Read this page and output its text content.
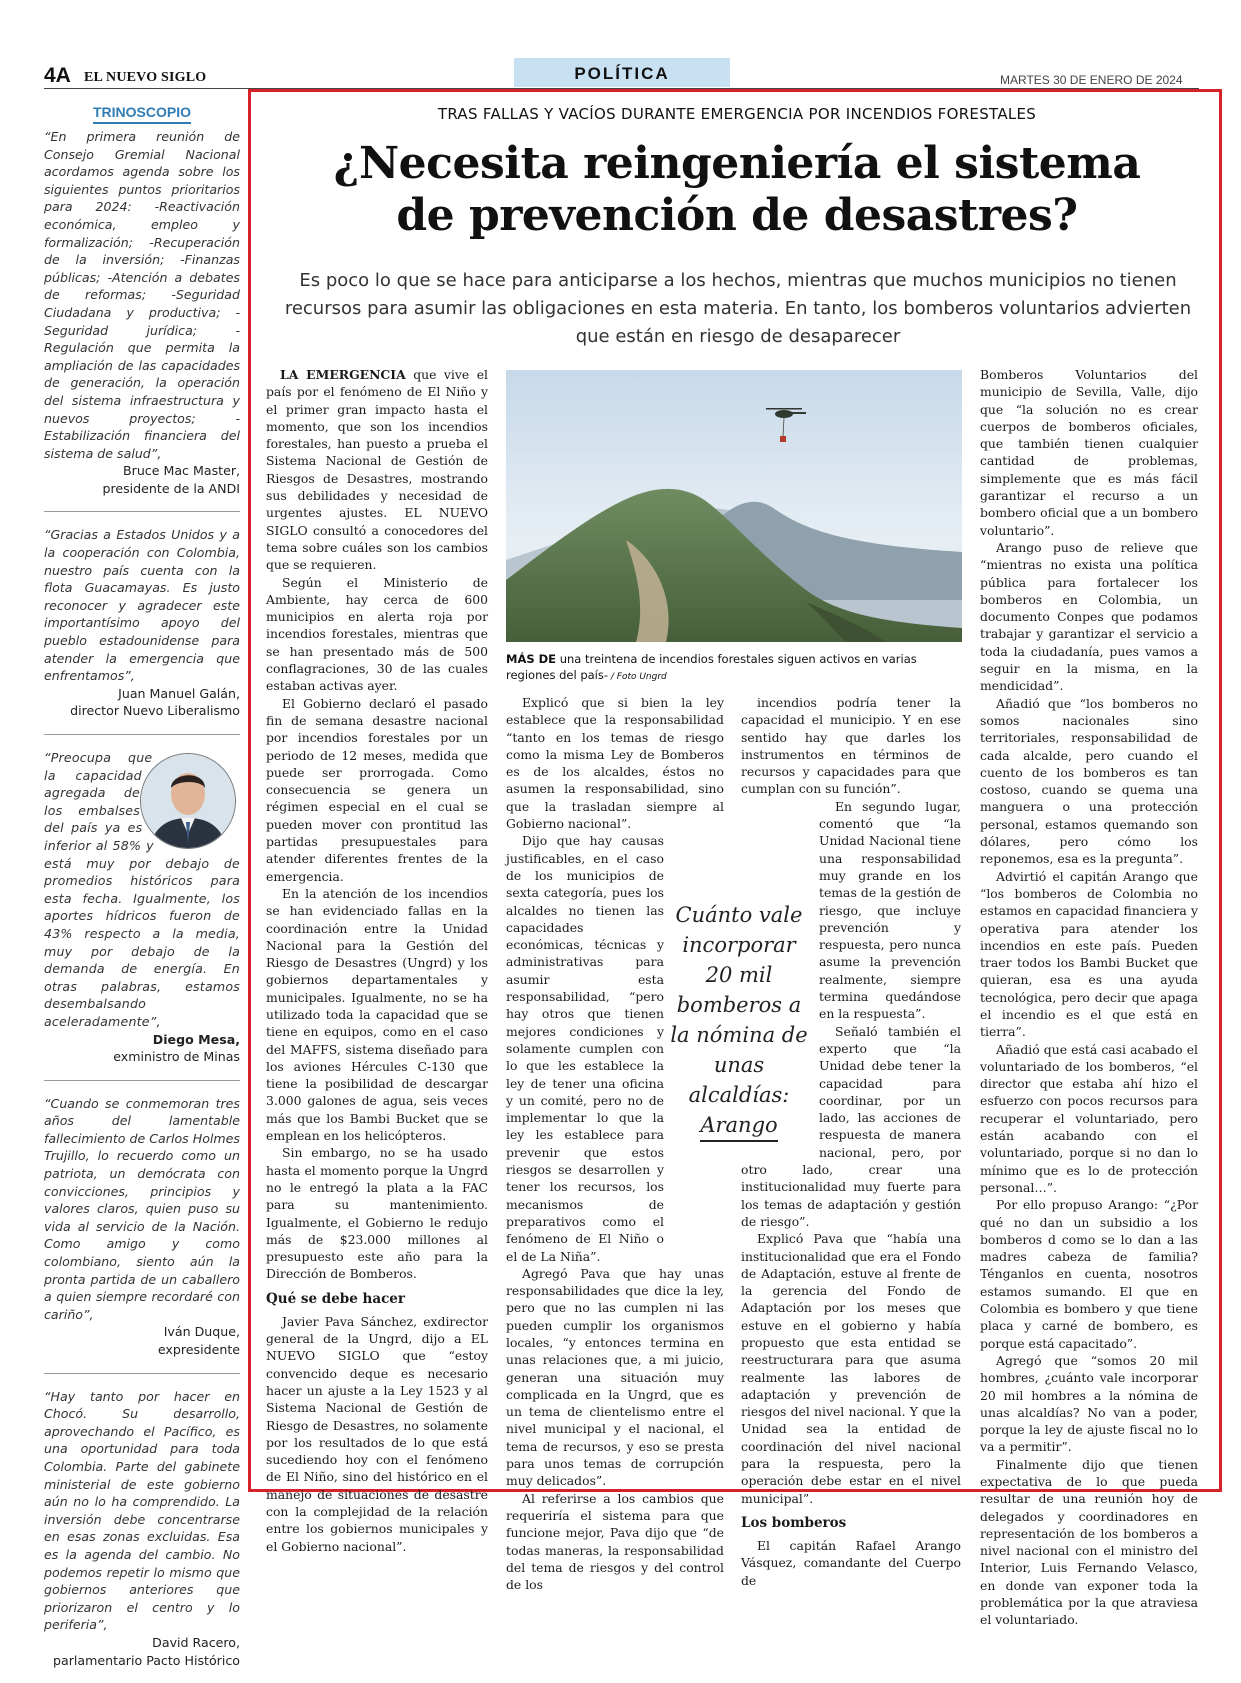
4A EL NUEVO SIGLO	POLÍTICA	MARTES 30 DE ENERO DE 2024
TRINOSCOPIO

“En primera reunión de Consejo Gremial Nacional acordamos agenda sobre los siguientes puntos prioritarios para 2024: -Reactivación económica, empleo y formalización; -Recuperación de la inversión; -Finanzas públicas; -Atención a debates de reformas; -Seguridad Ciudadana y productiva; -Seguridad jurídica; -Regulación que permita la ampliación de las capacidades de generación, la operación del sistema infraestructura y nuevos proyectos; -Estabilización financiera del sistema de salud”,

Bruce Mac Master,
presidente de la ANDI

“Gracias a Estados Unidos y a la cooperación con Colombia, nuestro país cuenta con la flota Guacamayas. Es justo reconocer y agradecer este importantísimo apoyo del pueblo estadounidense para atender la emergencia que enfrentamos”,

Juan Manuel Galán,
director Nuevo Liberalismo

“Preocupa que la capacidad agregada de los embalses del país ya es inferior al 58% y está muy por debajo de promedios históricos para esta fecha. Igualmente, los aportes hídricos fueron de 43% respecto a la media, muy por debajo de la demanda de energía. En otras palabras, estamos desembalsando aceleradamente”,

Diego Mesa,
exministro de Minas

“Cuando se conmemoran tres años del lamentable fallecimiento de Carlos Holmes Trujillo, lo recuerdo como un patriota, un demócrata con convicciones, principios y valores claros, quien puso su vida al servicio de la Nación. Como amigo y como colombiano, siento aún la pronta partida de un caballero a quien siempre recordaré con cariño”,

Iván Duque,
expresidente

“Hay tanto por hacer en Chocó. Su desarrollo, aprovechando el Pacífico, es una oportunidad para toda Colombia. Parte del gabinete ministerial de este gobierno aún no lo ha comprendido. La inversión debe concentrarse en esas zonas excluidas. Esa es la agenda del cambio. No podemos repetir lo mismo que gobiernos anteriores que priorizaron el centro y lo periferia”,

David Racero,
parlamentario Pacto Histórico

TRAS FALLAS Y VACÍOS DURANTE EMERGENCIA POR INCENDIOS FORESTALES
¿Necesita reingeniería el sistema
de prevención de desastres?
Es poco lo que se hace para anticiparse a los hechos, mientras que muchos municipios no tienen recursos para asumir las obligaciones en esta materia. En tanto, los bomberos voluntarios advierten que están en riesgo de desaparecer
MÁS DE una treintena de incendios forestales siguen activos en varias regiones del país- / Foto Ungrd

LA EMERGENCIA que vive el país por el fenómeno de El Niño y el primer gran impacto hasta el momento, que son los incendios forestales, han puesto a prueba el Sistema Nacional de Gestión de Riesgos de Desastres, mostrando sus debilidades y necesidad de urgentes ajustes. EL NUEVO SIGLO consultó a conocedores del tema sobre cuáles son los cambios que se requieren.

Según el Ministerio de Ambiente, hay cerca de 600 municipios en alerta roja por incendios forestales, mientras que se han presentado más de 500 conflagraciones, 30 de las cuales estaban activas ayer.

El Gobierno declaró el pasado fin de semana desastre nacional por incendios forestales por un periodo de 12 meses, medida que puede ser prorrogada. Como consecuencia se genera un régimen especial en el cual se pueden mover con prontitud las partidas presupuestales para atender diferentes frentes de la emergencia.

En la atención de los incendios se han evidenciado fallas en la coordinación entre la Unidad Nacional para la Gestión del Riesgo de Desastres (Ungrd) y los gobiernos departamentales y municipales. Igualmente, no se ha utilizado toda la capacidad que se tiene en equipos, como en el caso del MAFFS, sistema diseñado para los aviones Hércules C-130 que tiene la posibilidad de descargar 3.000 galones de agua, seis veces más que los Bambi Bucket que se emplean en los helicópteros.

Sin embargo, no se ha usado hasta el momento porque la Ungrd no le entregó la plata a la FAC para su mantenimiento. Igualmente, el Gobierno le redujo más de $23.000 millones al presupuesto este año para la Dirección de Bomberos.

Qué se debe hacer

Javier Pava Sánchez, exdirector general de la Ungrd, dijo a EL NUEVO SIGLO que “estoy convencido deque es necesario hacer un ajuste a la Ley 1523 y al Sistema Nacional de Gestión de Riesgo de Desastres, no solamente por los resultados de lo que está sucediendo hoy con el fenómeno de El Niño, sino del histórico en el manejo de situaciones de desastre con la complejidad de la relación entre los gobiernos municipales y el Gobierno nacional”.

Explicó que si bien la ley establece que la responsabilidad “tanto en los temas de riesgo como la misma Ley de Bomberos es de los alcaldes, éstos no asumen la responsabilidad, sino que la trasladan siempre al Gobierno nacional”.

Dijo que hay causas justificables, en el caso de los municipios de sexta categoría, pues los alcaldes no tienen las capacidades económicas, técnicas y administrativas para asumir esta responsabilidad, “pero hay otros que tienen mejores condiciones y solamente cumplen con lo que les establece la ley de tener una oficina y un comité, pero no de implementar lo que la ley les establece para prevenir que estos riesgos se desarrollen y tener los recursos, los mecanismos de preparativos como el fenómeno de El Niño o el de La Niña”.

Agregó Pava que hay unas responsabilidades que dice la ley, pero que no las cumplen ni las pueden cumplir los organismos locales, “y entonces termina en unas relaciones que, a mi juicio, generan una situación muy complicada en la Ungrd, que es un tema de clientelismo entre el nivel municipal y el nacional, el tema de recursos, y eso se presta para unos temas de corrupción muy delicados”.

Al referirse a los cambios que requeriría el sistema para que funcione mejor, Pava dijo que “de todas maneras, la responsabilidad del tema de riesgos y del control de los

incendios podría tener la capacidad el municipio. Y en ese sentido hay que darles los instrumentos en términos de recursos y capacidades para que cumplan con su función”.

En segundo lugar, comentó que “la Unidad Nacional tiene una responsabilidad muy grande en los temas de la gestión de riesgo, que incluye prevención y respuesta, pero nunca asume la prevención realmente, siempre termina quedándose en la respuesta”.

Señaló también el experto que “la Unidad debe tener la capacidad para coordinar, por un lado, las acciones de respuesta de manera nacional, pero, por otro lado, crear una institucionalidad muy fuerte para los temas de adaptación y gestión de riesgo”.

Explicó Pava que “había una institucionalidad que era el Fondo de Adaptación, estuve al frente de la gerencia del Fondo de Adaptación por los meses que estuve en el gobierno y había propuesto que esta entidad se reestructurara para que asuma realmente las labores de adaptación y prevención de riesgos del nivel nacional. Y que la Unidad sea la entidad de coordinación del nivel nacional para la respuesta, pero la operación debe estar en el nivel municipal”.

Los bomberos

El capitán Rafael Arango Vásquez, comandante del Cuerpo de

Cuánto vale incorporar 20 mil bomberos a la nómina de unas alcaldías: Arango

Bomberos Voluntarios del municipio de Sevilla, Valle, dijo que “la solución no es crear cuerpos de bomberos oficiales, que también tienen cualquier cantidad de problemas, simplemente que es más fácil garantizar el recurso a un bombero oficial que a un bombero voluntario”.

Arango puso de relieve que “mientras no exista una política pública para fortalecer los bomberos en Colombia, un documento Conpes que podamos trabajar y garantizar el servicio a toda la ciudadanía, pues vamos a seguir en la misma, en la mendicidad”.

Añadió que “los bomberos no somos nacionales sino territoriales, responsabilidad de cada alcalde, pero cuando el cuento de los bomberos es tan costoso, cuando se quema una manguera o una protección personal, estamos quemando son dólares, pero cómo los reponemos, esa es la pregunta”.

Advirtió el capitán Arango que “los bomberos de Colombia no estamos en capacidad financiera y operativa para atender los incendios en este país. Pueden traer todos los Bambi Bucket que quieran, esa es una ayuda tecnológica, pero decir que apaga el incendio es el que está en tierra”.

Añadió que está casi acabado el voluntariado de los bomberos, “el director que estaba ahí hizo el esfuerzo con pocos recursos para recuperar el voluntariado, pero están acabando con el voluntariado, porque si no dan lo mínimo que es lo de protección personal…”.

Por ello propuso Arango: “¿Por qué no dan un subsidio a los bomberos d como se lo dan a las madres cabeza de familia? Ténganlos en cuenta, nosotros estamos sumando. El que en Colombia es bombero y que tiene placa y carné de bombero, es porque está capacitado”.

Agregó que “somos 20 mil hombres, ¿cuánto vale incorporar 20 mil hombres a la nómina de unas alcaldías? No van a poder, porque la ley de ajuste fiscal no lo va a permitir”.

Finalmente dijo que tienen expectativa de lo que pueda resultar de una reunión hoy de delegados y coordinadores en representación de los bomberos a nivel nacional con el ministro del Interior, Luis Fernando Velasco, en donde van exponer toda la problemática por la que atraviesa el voluntariado.
